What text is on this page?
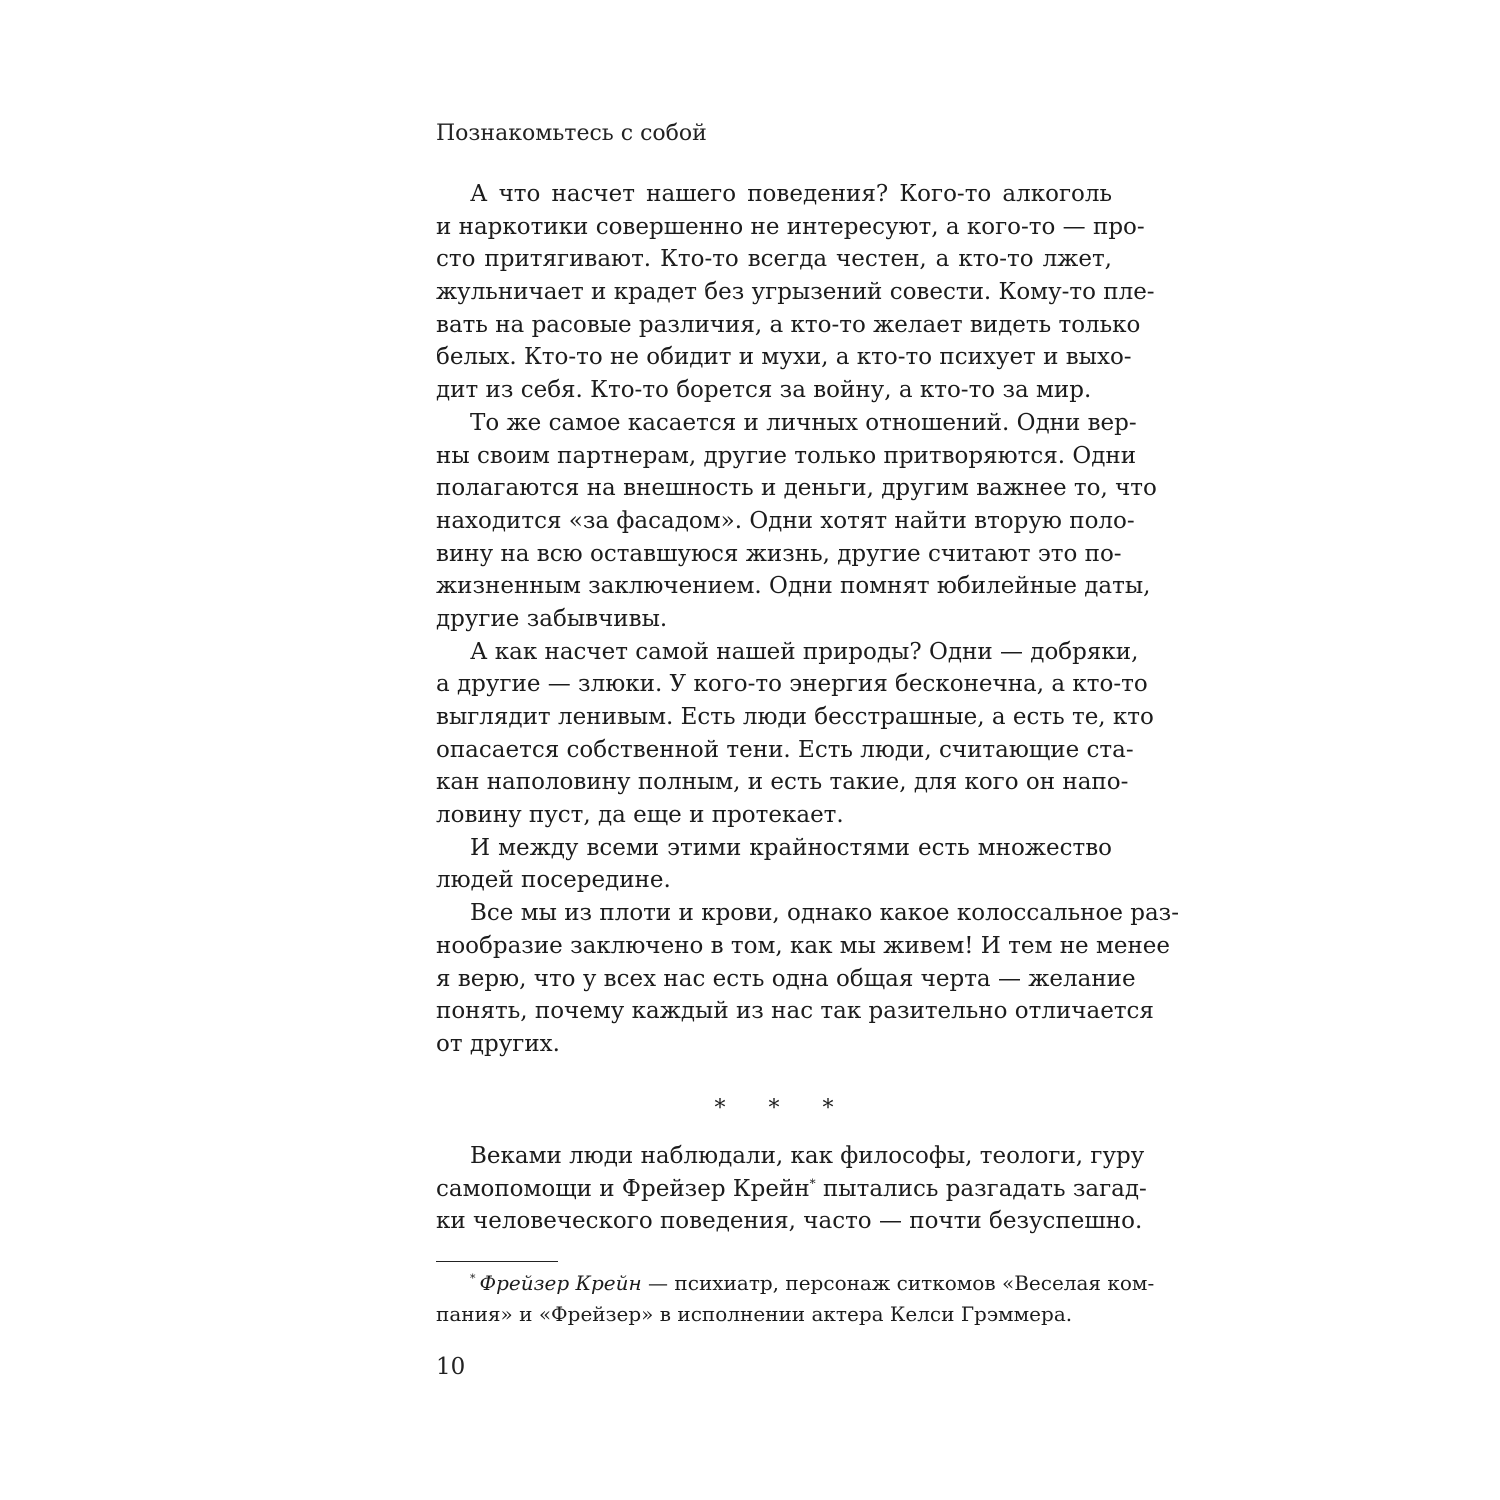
Познакомьтесь с собой
А что насчет нашего поведения? Кого-то алкоголь
и наркотики совершенно не интересуют, а кого-то — про-
сто притягивают. Кто-то всегда честен, а кто-то лжет,
жульничает и крадет без угрызений совести. Кому-то пле-
вать на расовые различия, а кто-то желает видеть только
белых. Кто-то не обидит и мухи, а кто-то психует и выхо-
дит из себя. Кто-то борется за войну, а кто-то за мир.
То же самое касается и личных отношений. Одни вер-
ны своим партнерам, другие только притворяются. Одни
полагаются на внешность и деньги, другим важнее то, что
находится «за фасадом». Одни хотят найти вторую поло-
вину на всю оставшуюся жизнь, другие считают это по-
жизненным заключением. Одни помнят юбилейные даты,
другие забывчивы.
А как насчет самой нашей природы? Одни — добряки,
а другие — злюки. У кого-то энергия бесконечна, а кто-то
выглядит ленивым. Есть люди бесстрашные, а есть те, кто
опасается собственной тени. Есть люди, считающие ста-
кан наполовину полным, и есть такие, для кого он напо-
ловину пуст, да еще и протекает.
И между всеми этими крайностями есть множество
людей посередине.
Все мы из плоти и крови, однако какое колоссальное раз-
нообразие заключено в том, как мы живем! И тем не менее
я верю, что у всех нас есть одна общая черта — желание
понять, почему каждый из нас так разительно отличается
от других.
* * *
Веками люди наблюдали, как философы, теологи, гуру
самопомощи и Фрейзер Крейн* пытались разгадать загад-
ки человеческого поведения, часто — почти безуспешно.
* Фрейзер Крейн — психиатр, персонаж ситкомов «Веселая ком-
пания» и «Фрейзер» в исполнении актера Келси Грэммера.
10
